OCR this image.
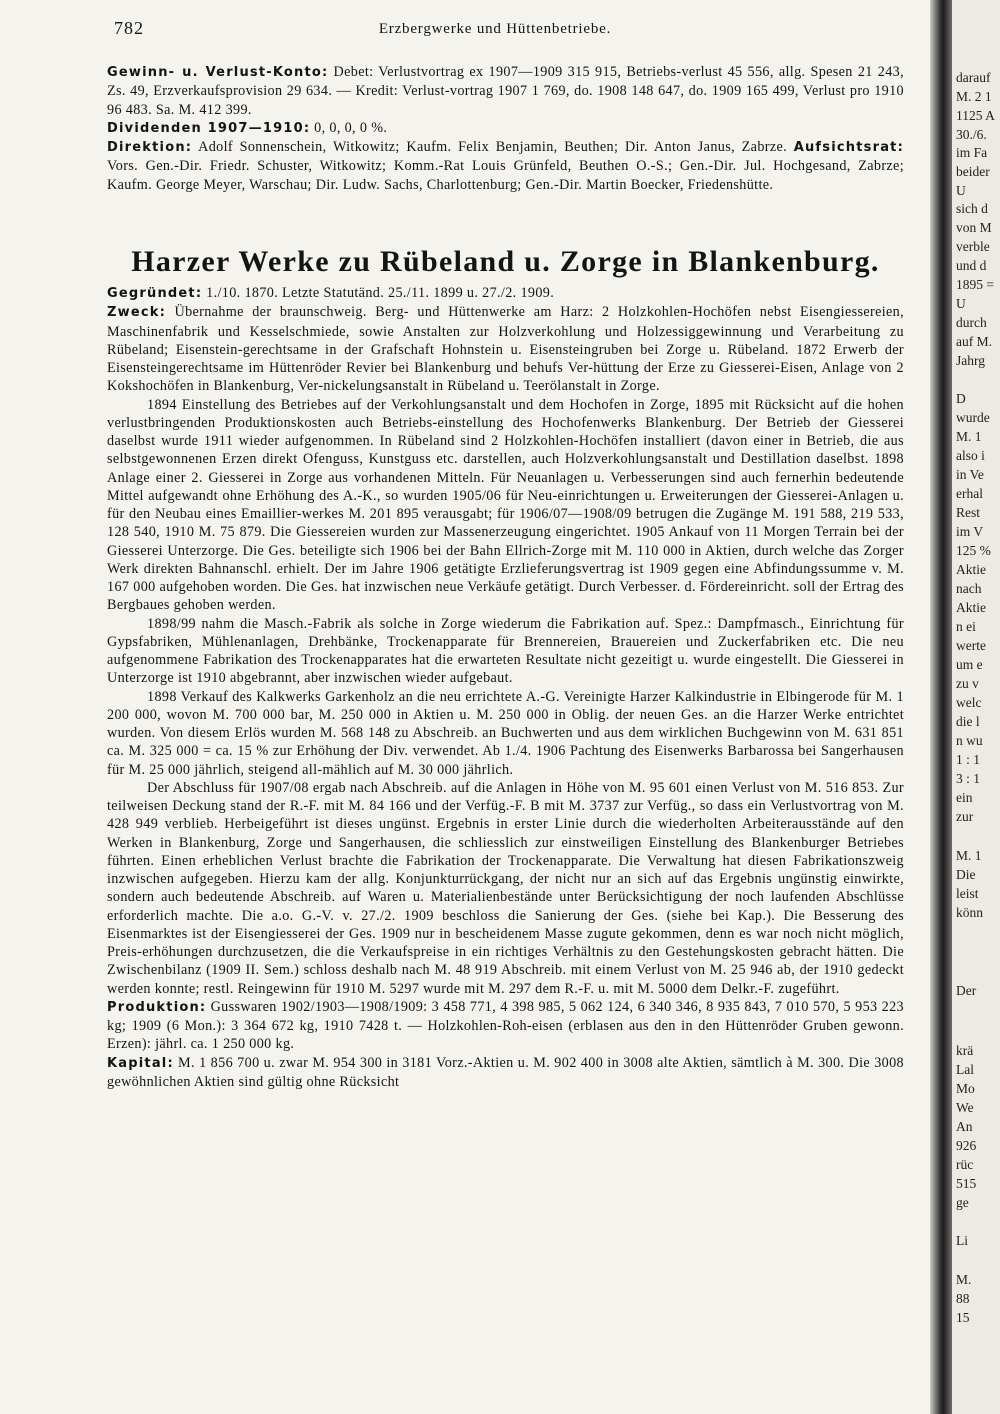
782	Erzbergwerke und Hüttenbetriebe.

Gewinn- u. Verlust-Konto: Debet: Verlustvortrag ex 1907—1909 315 915, Betriebs-verlust 45 556, allg. Spesen 21 243, Zs. 49, Erzverkaufsprovision 29 634. — Kredit: Verlust-vortrag 1907 1 769, do. 1908 148 647, do. 1909 165 499, Verlust pro 1910 96 483. Sa. M. 412 399.

Dividenden 1907—1910: 0, 0, 0, 0 %.

Direktion: Adolf Sonnenschein, Witkowitz; Kaufm. Felix Benjamin, Beuthen; Dir. Anton Janus, Zabrze. Aufsichtsrat: Vors. Gen.-Dir. Friedr. Schuster, Witkowitz; Komm.-Rat Louis Grünfeld, Beuthen O.-S.; Gen.-Dir. Jul. Hochgesand, Zabrze; Kaufm. George Meyer, Warschau; Dir. Ludw. Sachs, Charlottenburg; Gen.-Dir. Martin Boecker, Friedenshütte.

Harzer Werke zu Rübeland u. Zorge in Blankenburg.

Gegründet: 1./10. 1870. Letzte Statutänd. 25./11. 1899 u. 27./2. 1909.

Zweck: Übernahme der braunschweig. Berg- und Hüttenwerke am Harz: 2 Holzkohlen-Hochöfen nebst Eisengiessereien, Maschinenfabrik und Kesselschmiede, sowie Anstalten zur Holzverkohlung und Holzessiggewinnung und Verarbeitung zu Rübeland; Eisenstein-gerechtsame in der Grafschaft Hohnstein u. Eisensteingruben bei Zorge u. Rübeland. 1872 Erwerb der Eisensteingerechtsame im Hüttenröder Revier bei Blankenburg und behufs Ver-hüttung der Erze zu Giesserei-Eisen, Anlage von 2 Kokshochöfen in Blankenburg, Ver-nickelungsanstalt in Rübeland u. Teerölanstalt in Zorge.

1894 Einstellung des Betriebes auf der Verkohlungsanstalt und dem Hochofen in Zorge, 1895 mit Rücksicht auf die hohen verlustbringenden Produktionskosten auch Betriebs-einstellung des Hochofenwerks Blankenburg. Der Betrieb der Giesserei daselbst wurde 1911 wieder aufgenommen. In Rübeland sind 2 Holzkohlen-Hochöfen installiert (davon einer in Betrieb, die aus selbstgewonnenen Erzen direkt Ofenguss, Kunstguss etc. darstellen, auch Holzverkohlungsanstalt und Destillation daselbst. 1898 Anlage einer 2. Giesserei in Zorge aus vorhandenen Mitteln. Für Neuanlagen u. Verbesserungen sind auch fernerhin bedeutende Mittel aufgewandt ohne Erhöhung des A.-K., so wurden 1905/06 für Neu-einrichtungen u. Erweiterungen der Giesserei-Anlagen u. für den Neubau eines Emaillier-werkes M. 201 895 verausgabt; für 1906/07—1908/09 betrugen die Zugänge M. 191 588, 219 533, 128 540, 1910 M. 75 879. Die Giessereien wurden zur Massenerzeugung eingerichtet. 1905 Ankauf von 11 Morgen Terrain bei der Giesserei Unterzorge. Die Ges. beteiligte sich 1906 bei der Bahn Ellrich-Zorge mit M. 110 000 in Aktien, durch welche das Zorger Werk direkten Bahnanschl. erhielt. Der im Jahre 1906 getätigte Erzlieferungsvertrag ist 1909 gegen eine Abfindungssumme v. M. 167 000 aufgehoben worden. Die Ges. hat inzwischen neue Verkäufe getätigt. Durch Verbesser. d. Fördereinricht. soll der Ertrag des Bergbaues gehoben werden.

1898/99 nahm die Masch.-Fabrik als solche in Zorge wiederum die Fabrikation auf. Spez.: Dampfmasch., Einrichtung für Gypsfabriken, Mühlenanlagen, Drehbänke, Trockenapparate für Brennereien, Brauereien und Zuckerfabriken etc. Die neu aufgenommene Fabrikation des Trockenapparates hat die erwarteten Resultate nicht gezeitigt u. wurde eingestellt. Die Giesserei in Unterzorge ist 1910 abgebrannt, aber inzwischen wieder aufgebaut.

1898 Verkauf des Kalkwerks Garkenholz an die neu errichtete A.-G. Vereinigte Harzer Kalkindustrie in Elbingerode für M. 1 200 000, wovon M. 700 000 bar, M. 250 000 in Aktien u. M. 250 000 in Oblig. der neuen Ges. an die Harzer Werke entrichtet wurden. Von diesem Erlös wurden M. 568 148 zu Abschreib. an Buchwerten und aus dem wirklichen Buchgewinn von M. 631 851 ca. M. 325 000 = ca. 15 % zur Erhöhung der Div. verwendet. Ab 1./4. 1906 Pachtung des Eisenwerks Barbarossa bei Sangerhausen für M. 25 000 jährlich, steigend all-mählich auf M. 30 000 jährlich.

Der Abschluss für 1907/08 ergab nach Abschreib. auf die Anlagen in Höhe von M. 95 601 einen Verlust von M. 516 853. Zur teilweisen Deckung stand der R.-F. mit M. 84 166 und der Verfüg.-F. B mit M. 3737 zur Verfüg., so dass ein Verlustvortrag von M. 428 949 verblieb. Herbeigeführt ist dieses ungünst. Ergebnis in erster Linie durch die wiederholten Arbeiterausstände auf den Werken in Blankenburg, Zorge und Sangerhausen, die schliesslich zur einstweiligen Einstellung des Blankenburger Betriebes führten. Einen erheblichen Verlust brachte die Fabrikation der Trockenapparate. Die Verwaltung hat diesen Fabrikationszweig inzwischen aufgegeben. Hierzu kam der allg. Konjunkturrückgang, der nicht nur an sich auf das Ergebnis ungünstig einwirkte, sondern auch bedeutende Abschreib. auf Waren u. Materialienbestände unter Berücksichtigung der noch laufenden Abschlüsse erforderlich machte. Die a.o. G.-V. v. 27./2. 1909 beschloss die Sanierung der Ges. (siehe bei Kap.). Die Besserung des Eisenmarktes ist der Eisengiesserei der Ges. 1909 nur in bescheidenem Masse zugute gekommen, denn es war noch nicht möglich, Preis-erhöhungen durchzusetzen, die die Verkaufspreise in ein richtiges Verhältnis zu den Gestehungskosten gebracht hätten. Die Zwischenbilanz (1909 II. Sem.) schloss deshalb nach M. 48 919 Abschreib. mit einem Verlust von M. 25 946 ab, der 1910 gedeckt werden konnte; restl. Reingewinn für 1910 M. 5297 wurde mit M. 297 dem R.-F. u. mit M. 5000 dem Delkr.-F. zugeführt.

Produktion: Gusswaren 1902/1903—1908/1909: 3 458 771, 4 398 985, 5 062 124, 6 340 346, 8 935 843, 7 010 570, 5 953 223 kg; 1909 (6 Mon.): 3 364 672 kg, 1910 7428 t. — Holzkohlen-Roh-eisen (erblasen aus den in den Hüttenröder Gruben gewonn. Erzen): jährl. ca. 1 250 000 kg.

Kapital: M. 1 856 700 u. zwar M. 954 300 in 3181 Vorz.-Aktien u. M. 902 400 in 3008 alte Aktien, sämtlich à M. 300. Die 3008 gewöhnlichen Aktien sind gültig ohne Rücksicht

darauf
M. 2 1
1125 A
30./6.
im Fa
beider
U
sich d
von M
verble
und d
1895 =
U
durch
auf M.
Jahrg
D
wurde
M. 1
also i
in Ve
erhal
Rest
im V
125 %
Aktie
nach
Aktie
n ei
werte
um e
zu v
welc
die l
n wu
1 : 1
3 : 1
ein
zur
M. 1
Die
leist
könn
Der
krä
Lal
Mo
We
An
926
rüc
515
ge
Li
M.
88
15
